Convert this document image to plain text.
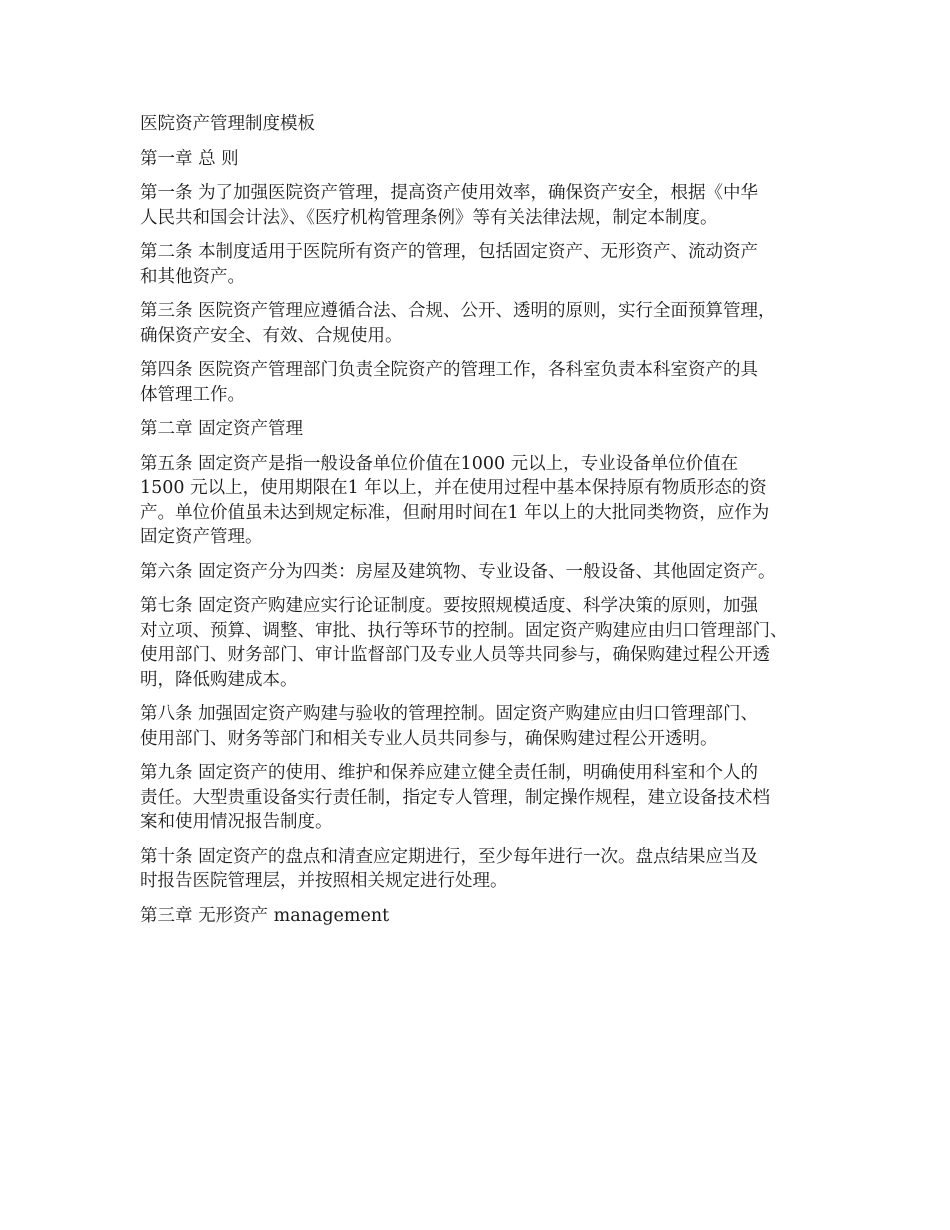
医院资产管理制度模板
第一章 总 则
第一条 为了加强医院资产管理，提高资产使用效率，确保资产安全，根据《中华
人民共和国会计法》、《医疗机构管理条例》等有关法律法规，制定本制度。
第二条 本制度适用于医院所有资产的管理，包括固定资产、无形资产、流动资产
和其他资产。
第三条 医院资产管理应遵循合法、合规、公开、透明的原则，实行全面预算管理，
确保资产安全、有效、合规使用。
第四条 医院资产管理部门负责全院资产的管理工作，各科室负责本科室资产的具
体管理工作。
第二章 固定资产管理
第五条 固定资产是指一般设备单位价值在1000 元以上，专业设备单位价值在
1500 元以上，使用期限在1 年以上，并在使用过程中基本保持原有物质形态的资
产。单位价值虽未达到规定标准，但耐用时间在1 年以上的大批同类物资，应作为
固定资产管理。
第六条 固定资产分为四类：房屋及建筑物、专业设备、一般设备、其他固定资产。
第七条 固定资产购建应实行论证制度。要按照规模适度、科学决策的原则，加强
对立项、预算、调整、审批、执行等环节的控制。固定资产购建应由归口管理部门、
使用部门、财务部门、审计监督部门及专业人员等共同参与，确保购建过程公开透
明，降低购建成本。
第八条 加强固定资产购建与验收的管理控制。固定资产购建应由归口管理部门、
使用部门、财务等部门和相关专业人员共同参与，确保购建过程公开透明。
第九条 固定资产的使用、维护和保养应建立健全责任制，明确使用科室和个人的
责任。大型贵重设备实行责任制，指定专人管理，制定操作规程，建立设备技术档
案和使用情况报告制度。
第十条 固定资产的盘点和清查应定期进行，至少每年进行一次。盘点结果应当及
时报告医院管理层，并按照相关规定进行处理。
第三章 无形资产 management
